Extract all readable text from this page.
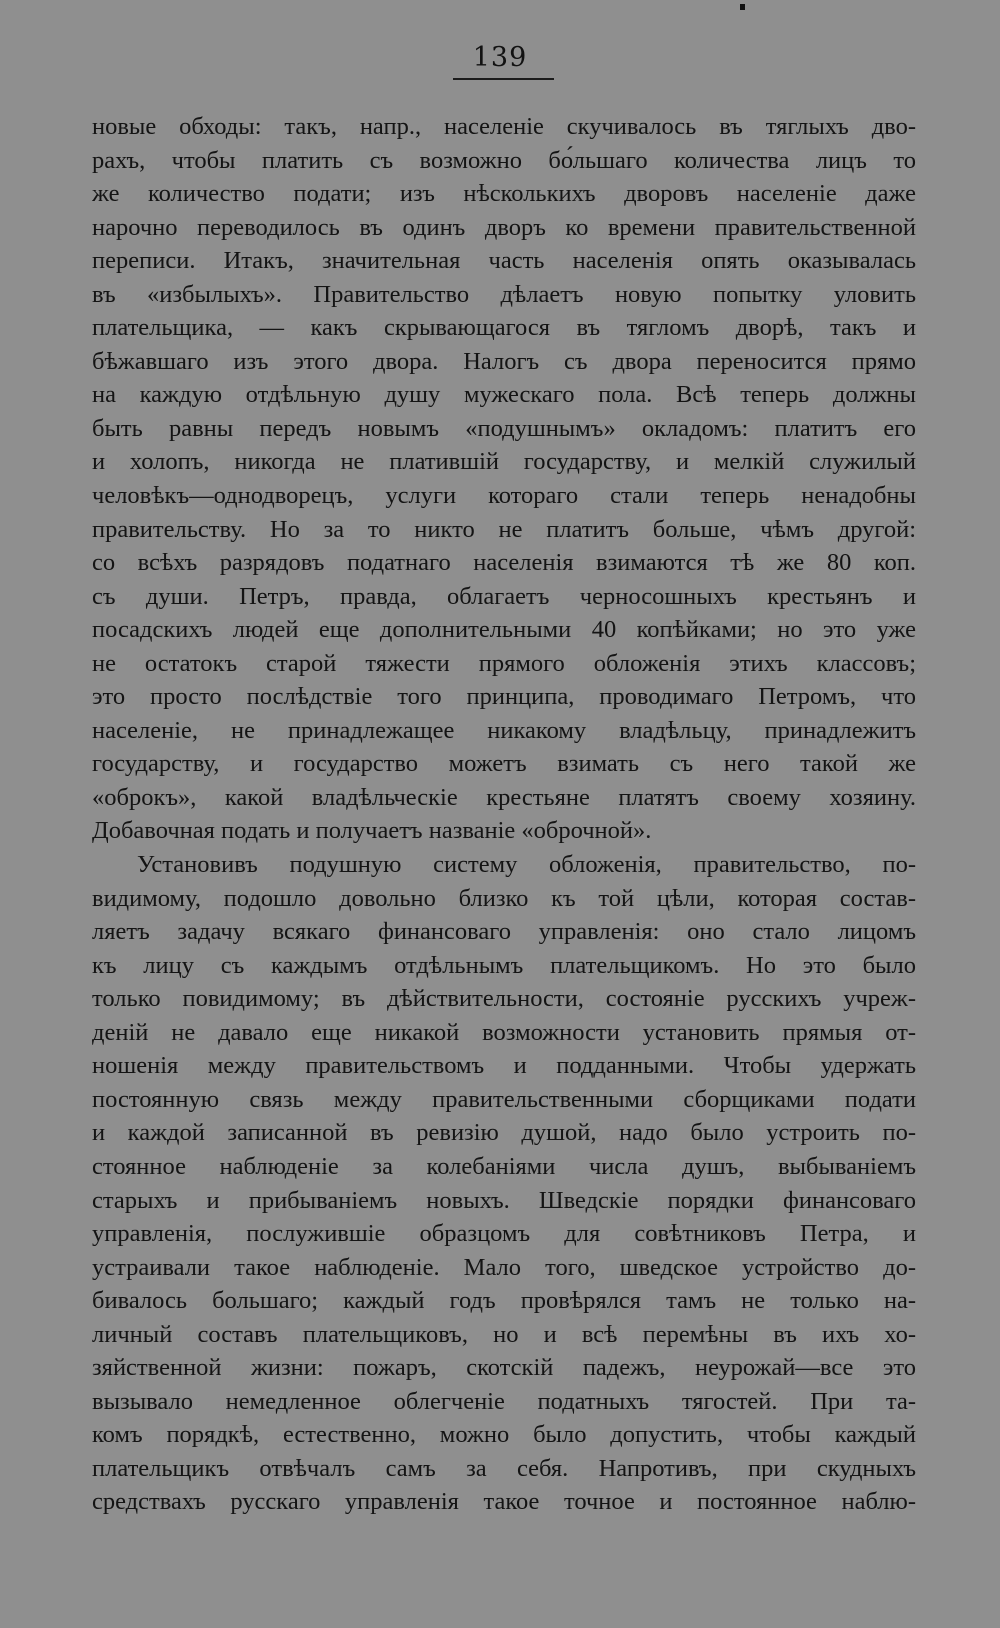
139
новые обходы: такъ, напр., населеніе скучивалось въ тяглыхъ дво-
рахъ, чтобы платить съ возможно бо́льшаго количества лицъ то
же количество подати; изъ нѣсколькихъ дворовъ населеніе даже
нарочно переводилось въ одинъ дворъ ко времени правительственной
переписи. Итакъ, значительная часть населенія опять оказывалась
въ «избылыхъ». Правительство дѣлаетъ новую попытку уловить
плательщика, — какъ скрывающагося въ тягломъ дворѣ, такъ и
бѣжавшаго изъ этого двора. Налогъ съ двора переносится прямо
на каждую отдѣльную душу мужескаго пола. Всѣ теперь должны
быть равны передъ новымъ «подушнымъ» окладомъ: платитъ его
и холопъ, никогда не платившій государству, и мелкій служилый
человѣкъ—однодворецъ, услуги котораго стали теперь ненадобны
правительству. Но за то никто не платитъ больше, чѣмъ другой:
со всѣхъ разрядовъ податнаго населенія взимаются тѣ же 80 коп.
съ души. Петръ, правда, облагаетъ черносошныхъ крестьянъ и
посадскихъ людей еще дополнительными 40 копѣйками; но это уже
не остатокъ старой тяжести прямого обложенія этихъ классовъ;
это просто послѣдствіе того принципа, проводимаго Петромъ, что
населеніе, не принадлежащее никакому владѣльцу, принадлежитъ
государству, и государство можетъ взимать съ него такой же
«оброкъ», какой владѣльческіе крестьяне платятъ своему хозяину.
Добавочная подать и получаетъ названіе «оброчной».
Установивъ подушную систему обложенія, правительство, по-
видимому, подошло довольно близко къ той цѣли, которая состав-
ляетъ задачу всякаго финансоваго управленія: оно стало лицомъ
къ лицу съ каждымъ отдѣльнымъ плательщикомъ. Но это было
только повидимому; въ дѣйствительности, состояніе русскихъ учреж-
деній не давало еще никакой возможности установить прямыя от-
ношенія между правительствомъ и подданными. Чтобы удержать
постоянную связь между правительственными сборщиками подати
и каждой записанной въ ревизію душой, надо было устроить по-
стоянное наблюденіе за колебаніями числа душъ, выбываніемъ
старыхъ и прибываніемъ новыхъ. Шведскіе порядки финансоваго
управленія, послужившіе образцомъ для совѣтниковъ Петра, и
устраивали такое наблюденіе. Мало того, шведское устройство до-
бивалось большаго; каждый годъ провѣрялся тамъ не только на-
личный составъ плательщиковъ, но и всѣ перемѣны въ ихъ хо-
зяйственной жизни: пожаръ, скотскій падежъ, неурожай—все это
вызывало немедленное облегченіе податныхъ тягостей. При та-
комъ порядкѣ, естественно, можно было допустить, чтобы каждый
плательщикъ отвѣчалъ самъ за себя. Напротивъ, при скудныхъ
средствахъ русскаго управленія такое точное и постоянное наблю-
